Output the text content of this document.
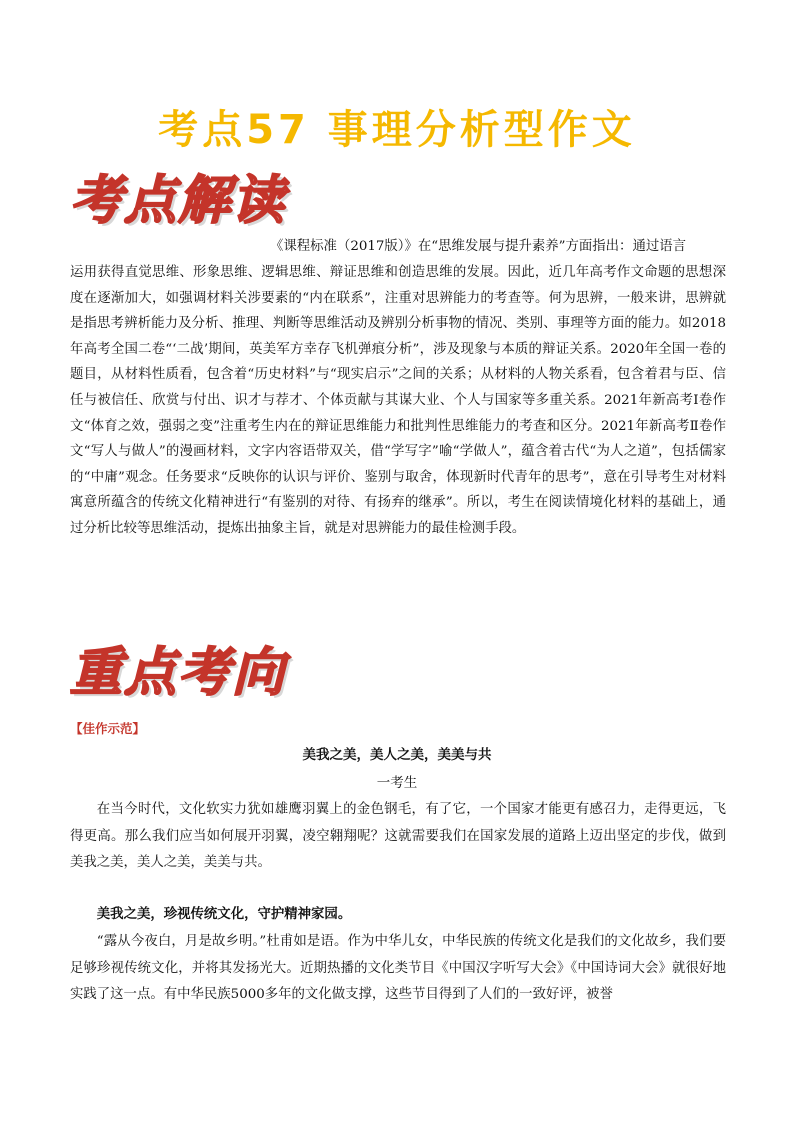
考点57 事理分析型作文
考点解读

《课程标准（2017版）》在“思维发展与提升素养”方面指出：通过语言

运用获得直觉思维、形象思维、逻辑思维、辩证思维和创造思维的发展。因此，近几年高考作文命题的思想深度在逐渐加大，如强调材料关涉要素的“内在联系”，注重对思辨能力的考查等。何为思辨，一般来讲，思辨就是指思考辨析能力及分析、推理、判断等思维活动及辨别分析事物的情况、类别、事理等方面的能力。如2018年高考全国二卷“‘二战’期间，英美军方幸存飞机弹痕分析”，涉及现象与本质的辩证关系。2020年全国一卷的题目，从材料性质看，包含着“历史材料”与“现实启示”之间的关系；从材料的人物关系看，包含着君与臣、信任与被信任、欣赏与付出、识才与荐才、个体贡献与其谋大业、个人与国家等多重关系。2021年新高考Ⅰ卷作文“体育之效，强弱之变”注重考生内在的辩证思维能力和批判性思维能力的考查和区分。2021年新高考Ⅱ卷作文“写人与做人”的漫画材料，文字内容语带双关，借“学写字”喻“学做人”，蕴含着古代“为人之道”，包括儒家的“中庸”观念。任务要求“反映你的认识与评价、鉴别与取舍，体现新时代青年的思考”，意在引导考生对材料寓意所蕴含的传统文化精神进行“有鉴别的对待、有扬弃的继承”。所以，考生在阅读情境化材料的基础上，通过分析比较等思维活动，提炼出抽象主旨，就是对思辨能力的最佳检测手段。

重点考向
【佳作示范】
美我之美，美人之美，美美与共
一考生

在当今时代，文化软实力犹如雄鹰羽翼上的金色钢毛，有了它，一个国家才能更有感召力，走得更远，飞得更高。那么我们应当如何展开羽翼，凌空翱翔呢？这就需要我们在国家发展的道路上迈出坚定的步伐，做到美我之美，美人之美，美美与共。

美我之美，珍视传统文化，守护精神家园。

“露从今夜白，月是故乡明。”杜甫如是语。作为中华儿女，中华民族的传统文化是我们的文化故乡，我们要足够珍视传统文化，并将其发扬光大。近期热播的文化类节目《中国汉字听写大会》《中国诗词大会》就很好地实践了这一点。有中华民族5000多年的文化做支撑，这些节目得到了人们的一致好评，被誉
